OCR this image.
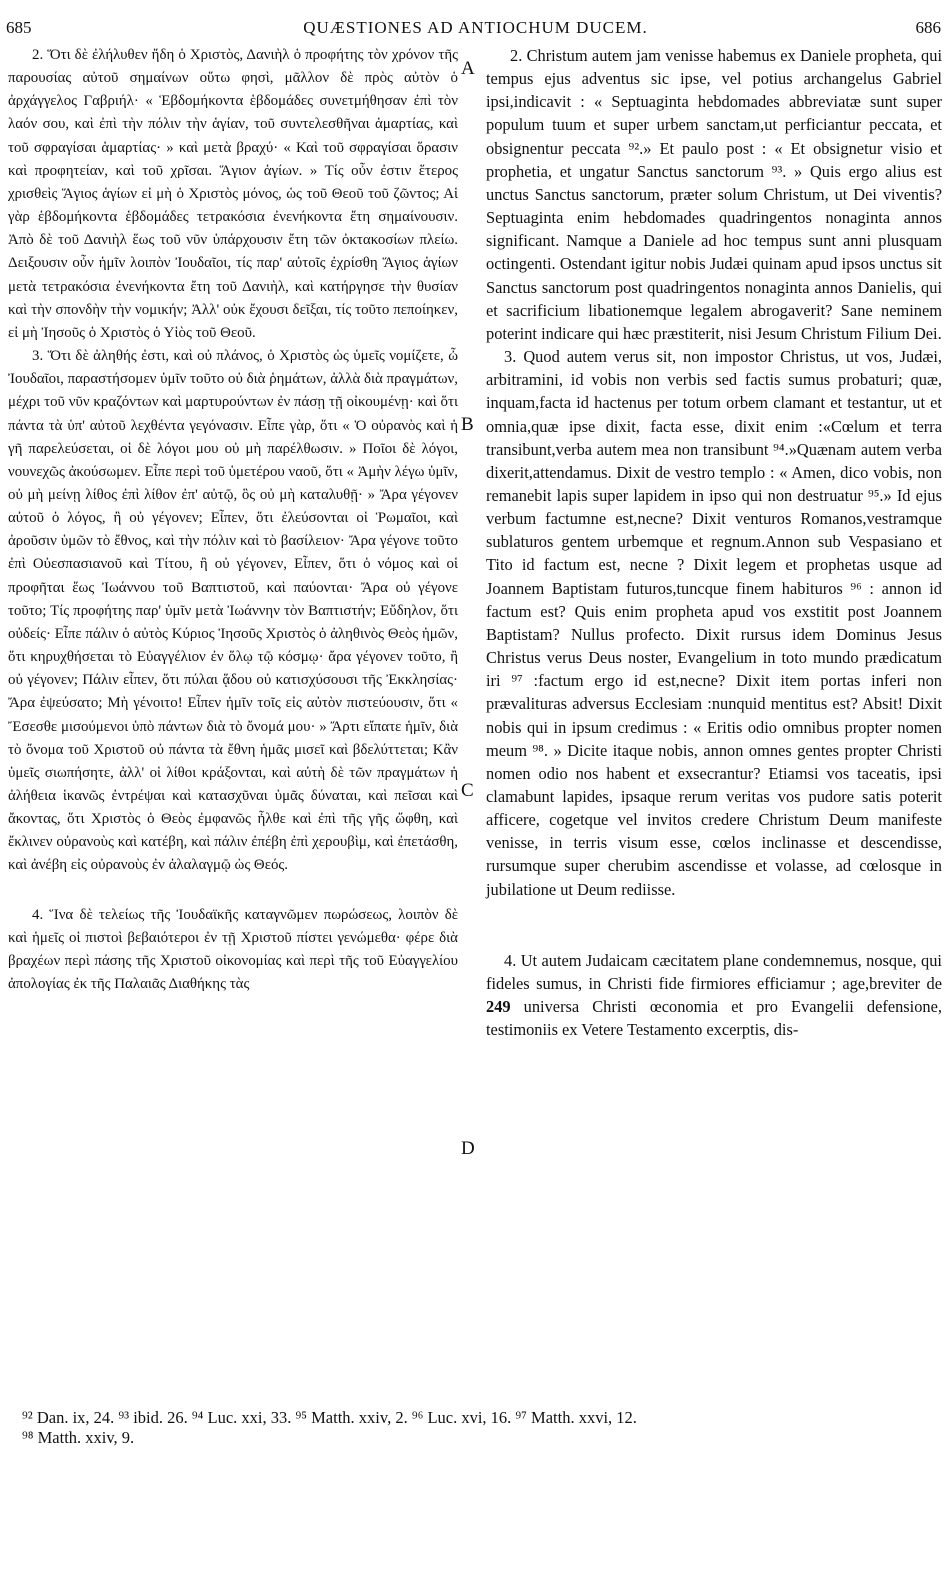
685	QUÆSTIONES AD ANTIOCHUM DUCEM.	686

2. Ὅτι δὲ ἐλήλυθεν ἤδη ὁ Χριστὸς, Δανιὴλ ὁ προφήτης τὸν χρόνον τῆς παρουσίας αὐτοῦ σημαίνων οὕτω φησὶ, μᾶλλον δὲ πρὸς αὐτὸν ὁ ἀρχάγγελος Γαβριήλ· « Ἑβδομήκοντα ἑβδομάδες συνετμήθησαν ἐπὶ τὸν λαόν σου, καὶ ἐπὶ τὴν πόλιν τὴν ἁγίαν, τοῦ συντελεσθῆναι ἁμαρτίας, καὶ τοῦ σφραγίσαι ἁμαρτίας· » καὶ μετὰ βραχύ· « Καὶ τοῦ σφραγίσαι ὅρασιν καὶ προφητείαν, καὶ τοῦ χρῖσαι. Ἅγιον ἁγίων. » Τίς οὖν ἐστιν ἕτερος χρισθεὶς Ἅγιος ἁγίων εἰ μὴ ὁ Χριστὸς μόνος, ὡς τοῦ Θεοῦ τοῦ ζῶντος; Αἱ γὰρ ἑβδομήκοντα ἑβδομάδες τετρακόσια ἐνενήκοντα ἔτη σημαίνουσιν. Ἀπὸ δὲ τοῦ Δανιὴλ ἕως τοῦ νῦν ὑπάρχουσιν ἔτη τῶν ὀκτακοσίων πλείω. Δειξουσιν οὖν ἡμῖν λοιπὸν Ἰουδαῖοι, τίς παρ' αὐτοῖς ἐχρίσθη Ἅγιος ἁγίων μετὰ τετρακόσια ἐνενήκοντα ἔτη τοῦ Δανιὴλ, καὶ κατήργησε τὴν θυσίαν καὶ τὴν σπονδὴν τὴν νομικήν; Ἀλλ' οὐκ ἔχουσι δεῖξαι, τίς τοῦτο πεποίηκεν, εἰ μὴ Ἰησοῦς ὁ Χριστὸς ὁ Υἱὸς τοῦ Θεοῦ.

3. Ὅτι δὲ ἀληθής ἐστι, καὶ οὐ πλάνος, ὁ Χριστὸς ὡς ὑμεῖς νομίζετε, ὦ Ἰουδαῖοι, παραστήσομεν ὑμῖν τοῦτο οὐ διὰ ῥημάτων, ἀλλὰ διὰ πραγμάτων, μέχρι τοῦ νῦν κραζόντων καὶ μαρτυρούντων ἐν πάσῃ τῇ οἰκουμένῃ· καὶ ὅτι πάντα τὰ ὑπ' αὐτοῦ λεχθέντα γεγόνασιν. Εἶπε γὰρ, ὅτι « Ὁ οὐρανὸς καὶ ἡ γῆ παρελεύσεται, οἱ δὲ λόγοι μου οὐ μὴ παρέλθωσιν. » Ποῖοι δὲ λόγοι, νουνεχῶς ἀκούσωμεν. Εἶπε περὶ τοῦ ὑμετέρου ναοῦ, ὅτι « Ἀμὴν λέγω ὑμῖν, οὐ μὴ μείνῃ λίθος ἐπὶ λίθον ἐπ' αὐτῷ, ὃς οὐ μὴ καταλυθῇ· » Ἄρα γέγονεν αὐτοῦ ὁ λόγος, ἢ οὐ γέγονεν; Εἶπεν, ὅτι ἐλεύσονται οἱ Ῥωμαῖοι, καὶ ἀροῦσιν ὑμῶν τὸ ἔθνος, καὶ τὴν πόλιν καὶ τὸ βασίλειον· Ἄρα γέγονε τοῦτο ἐπὶ Οὐεσπασιανοῦ καὶ Τίτου, ἢ οὐ γέγονεν, Εἶπεν, ὅτι ὁ νόμος καὶ οἱ προφῆται ἕως Ἰωάννου τοῦ Βαπτιστοῦ, καὶ παύονται· Ἄρα οὐ γέγονε τοῦτο; Τίς προφήτης παρ' ὑμῖν μετὰ Ἰωάννην τὸν Βαπτιστήν; Εὔδηλον, ὅτι οὐδείς· Εἶπε πάλιν ὁ αὐτὸς Κύριος Ἰησοῦς Χριστὸς ὁ ἀληθινὸς Θεὸς ἡμῶν, ὅτι κηρυχθήσεται τὸ Εὐαγγέλιον ἐν ὅλῳ τῷ κόσμῳ· ἄρα γέγονεν τοῦτο, ἢ οὐ γέγονεν; Πάλιν εἶπεν, ὅτι πύλαι ᾅδου οὐ κατισχύσουσι τῆς Ἐκκλησίας· Ἄρα ἐψεύσατο; Μὴ γένοιτο! Εἶπεν ἡμῖν τοῖς εἰς αὐτὸν πιστεύουσιν, ὅτι « Ἔσεσθε μισούμενοι ὑπὸ πάντων διὰ τὸ ὄνομά μου· » Ἄρτι εἴπατε ἡμῖν, διὰ τὸ ὄνομα τοῦ Χριστοῦ οὐ πάντα τὰ ἔθνη ἡμᾶς μισεῖ καὶ βδελύττεται; Κἂν ὑμεῖς σιωπήσητε, ἀλλ' οἱ λίθοι κράξονται, καὶ αὐτὴ δὲ τῶν πραγμάτων ἡ ἀλήθεια ἱκανῶς ἐντρέψαι καὶ κατασχῦναι ὑμᾶς δύναται, καὶ πεῖσαι καὶ ἄκοντας, ὅτι Χριστὸς ὁ Θεὸς ἐμφανῶς ἦλθε καὶ ἐπὶ τῆς γῆς ὤφθη, καὶ ἔκλινεν οὐρανοὺς καὶ κατέβη, καὶ πάλιν ἐπέβη ἐπὶ χερουβὶμ, καὶ ἐπετάσθη, καὶ ἀνέβη εἰς οὐρανοὺς ἐν ἀλαλαγμῷ ὡς Θεός.

4. Ἵνα δὲ τελείως τῆς Ἰουδαϊκῆς καταγνῶμεν πωρώσεως, λοιπὸν δὲ καὶ ἡμεῖς οἱ πιστοὶ βεβαιότεροι ἐν τῇ Χριστοῦ πίστει γενώμεθα· φέρε διὰ βραχέων περὶ πάσης τῆς Χριστοῦ οἰκονομίας καὶ περὶ τῆς τοῦ Εὐαγγελίου ἀπολογίας ἐκ τῆς Παλαιᾶς Διαθήκης τὰς

A
B
C
D

2. Christum autem jam venisse habemus ex Daniele propheta, qui tempus ejus adventus sic ipse, vel potius archangelus Gabriel ipsi,indicavit : « Septuaginta hebdomades abbreviatæ sunt super populum tuum et super urbem sanctam,ut perficiantur peccata, et obsignentur peccata ⁹².» Et paulo post : « Et obsignetur visio et prophetia, et ungatur Sanctus sanctorum ⁹³. » Quis ergo alius est unctus Sanctus sanctorum, præter solum Christum, ut Dei viventis? Septuaginta enim hebdomades quadringentos nonaginta annos significant. Namque a Daniele ad hoc tempus sunt anni plusquam octingenti. Ostendant igitur nobis Judæi quinam apud ipsos unctus sit Sanctus sanctorum post quadringentos nonaginta annos Danielis, qui et sacrificium libationemque legalem abrogaverit? Sane neminem poterint indicare qui hæc præstiterit, nisi Jesum Christum Filium Dei.

3. Quod autem verus sit, non impostor Christus, ut vos, Judæi, arbitramini, id vobis non verbis sed factis sumus probaturi; quæ, inquam,facta id hactenus per totum orbem clamant et testantur, ut et omnia,quæ ipse dixit, facta esse, dixit enim :«Cœlum et terra transibunt,verba autem mea non transibunt ⁹⁴.»Quænam autem verba dixerit,attendamus. Dixit de vestro templo : « Amen, dico vobis, non remanebit lapis super lapidem in ipso qui non destruatur ⁹⁵.» Id ejus verbum factumne est,necne? Dixit venturos Romanos,vestramque sublaturos gentem urbemque et regnum.Annon sub Vespasiano et Tito id factum est, necne ? Dixit legem et prophetas usque ad Joannem Baptistam futuros,tuncque finem habituros ⁹⁶ : annon id factum est? Quis enim propheta apud vos exstitit post Joannem Baptistam? Nullus profecto. Dixit rursus idem Dominus Jesus Christus verus Deus noster, Evangelium in toto mundo prædicatum iri ⁹⁷ :factum ergo id est,necne? Dixit item portas inferi non prævalituras adversus Ecclesiam :nunquid mentitus est? Absit! Dixit nobis qui in ipsum credimus : « Eritis odio omnibus propter nomen meum ⁹⁸. » Dicite itaque nobis, annon omnes gentes propter Christi nomen odio nos habent et exsecrantur? Etiamsi vos taceatis, ipsi clamabunt lapides, ipsaque rerum veritas vos pudore satis poterit afficere, cogetque vel invitos credere Christum Deum manifeste venisse, in terris visum esse, cœlos inclinasse et descendisse, rursumque super cherubim ascendisse et volasse, ad cœlosque in jubilatione ut Deum rediisse.

4. Ut autem Judaicam cæcitatem plane condemnemus, nosque, qui fideles sumus, in Christi fide firmiores efficiamur ; age,breviter de 249 universa Christi œconomia et pro Evangelii defensione, testimoniis ex Vetere Testamento excerptis, dis-

⁹² Dan. ix, 24. ⁹³ ibid. 26. ⁹⁴ Luc. xxi, 33. ⁹⁵ Matth. xxiv, 2. ⁹⁶ Luc. xvi, 16. ⁹⁷ Matth. xxvi, 12.
⁹⁸ Matth. xxiv, 9.
